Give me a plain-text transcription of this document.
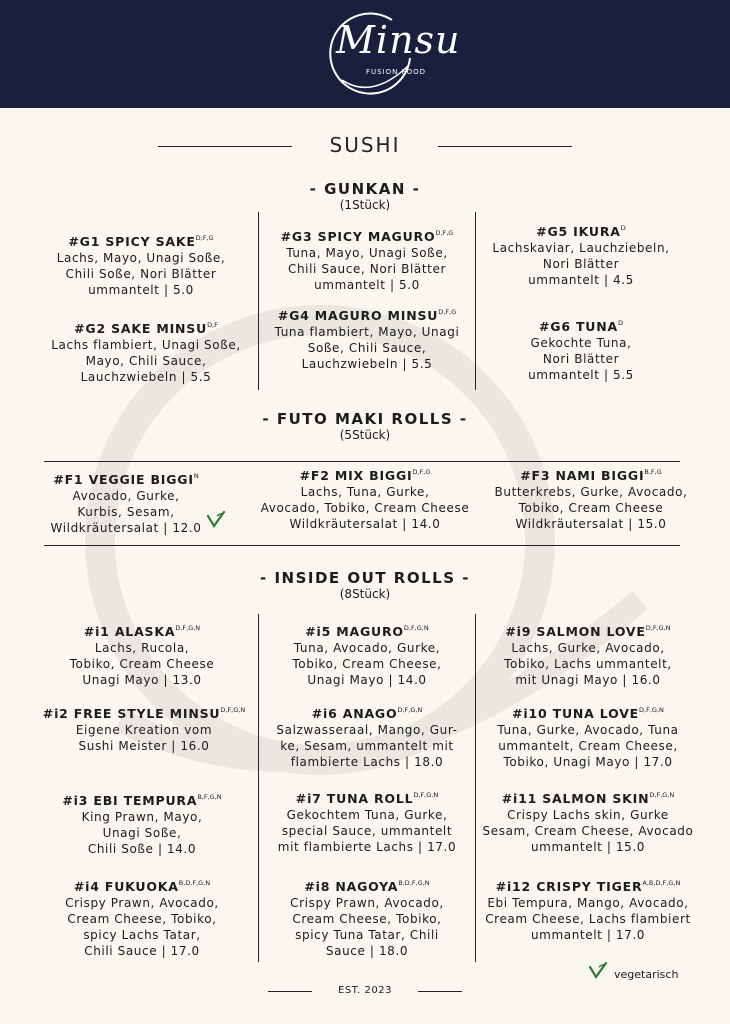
Minsu
FUSION FOOD
SUSHI
- GUNKAN -
(1Stück)
#G1 SPICY $SAKE^{D,F,G}$
Lachs, Mayo, Unagi Soße,
Chili Soße, Nori Blätter
ummantelt | 5.0
#G2 SAKE $MINSU^{D,F}$
Lachs flambiert, Unagi Soße,
Mayo, Chili Sauce,
Lauchzwiebeln | 5.5
#G3 SPICY $MAGURO^{D,F,G}$
Tuna, Mayo, Unagi Soße,
Chili Sauce, Nori Blätter
ummantelt | 5.0
#G4 MAGURO $MINSU^{D,F,G}$
Tuna flambiert, Mayo, Unagi
Soße, Chili Sauce,
Lauchzwiebeln | 5.5
#G5 $IKURA^D$
Lachskaviar, Lauchziebeln,
Nori Blätter
ummantelt | 4.5
#G6 $TUNA^D$
Gekochte Tuna,
Nori Blätter
ummantelt | 5.5
- FUTO MAKI ROLLS -
(5Stück)
#F1 VEGGIE $BIGGI^N$
Avocado, Gurke,
Kurbis, Sesam,
Wildkräutersalat | 12.0
#F2 MIX $BIGGI^{D,F,G}$
Lachs, Tuna, Gurke,
Avocado, Tobiko, Cream Cheese
Wildkräutersalat | 14.0
#F3 NAMI $BIGGI^{B,F,G}$
Butterkrebs, Gurke, Avocado,
Tobiko, Cream Cheese
Wildkräutersalat | 15.0
- INSIDE OUT ROLLS -
(8Stück)
#i1 $ALASKA^{D,F,G,N}$
Lachs, Rucola,
Tobiko, Cream Cheese
Unagi Mayo | 13.0
#i2 FREE STYLE $MINSU^{D,F,G,N}$
Eigene Kreation vom
Sushi Meister | 16.0
#i3 EBI $TEMPURA^{B,F,G,N}$
King Prawn, Mayo,
Unagi Soße,
Chili Soße | 14.0
#i4 $FUKUOKA^{B,D,F,G,N}$
Crispy Prawn, Avocado,
Cream Cheese, Tobiko,
spicy Lachs Tatar,
Chili Sauce | 17.0
#i5 $MAGURO^{D,F,G,N}$
Tuna, Avocado, Gurke,
Tobiko, Cream Cheese,
Unagi Mayo | 14.0
#i6 $ANAGO^{D,F,G,N}$
Salzwasseraal, Mango, Gur-
ke, Sesam, ummantelt mit
flambierte Lachs | 18.0
#i7 TUNA $ROLL^{D,F,G,N}$
Gekochtem Tuna, Gurke,
special Sauce, ummantelt
mit flambierte Lachs | 17.0
#i8 $NAGOYA^{B,D,F,G,N}$
Crispy Prawn, Avocado,
Cream Cheese, Tobiko,
spicy Tuna Tatar, Chili
Sauce | 18.0
#i9 SALMON $LOVE^{D,F,G,N}$
Lachs, Gurke, Avocado,
Tobiko, Lachs ummantelt,
mit Unagi Mayo | 16.0
#i10 TUNA $LOVE^{D,F,G,N}$
Tuna, Gurke, Avocado, Tuna
ummantelt, Cream Cheese,
Tobiko, Unagi Mayo | 17.0
#i11 SALMON $SKIN^{D,F,G,N}$
Crispy Lachs skin, Gurke
Sesam, Cream Cheese, Avocado
ummantelt | 15.0
#i12 CRISPY $TIGER^{A,B,D,F,G,N}$
Ebi Tempura, Mango, Avocado,
Cream Cheese, Lachs flambiert
ummantelt | 17.0
vegetarisch
EST. 2023
